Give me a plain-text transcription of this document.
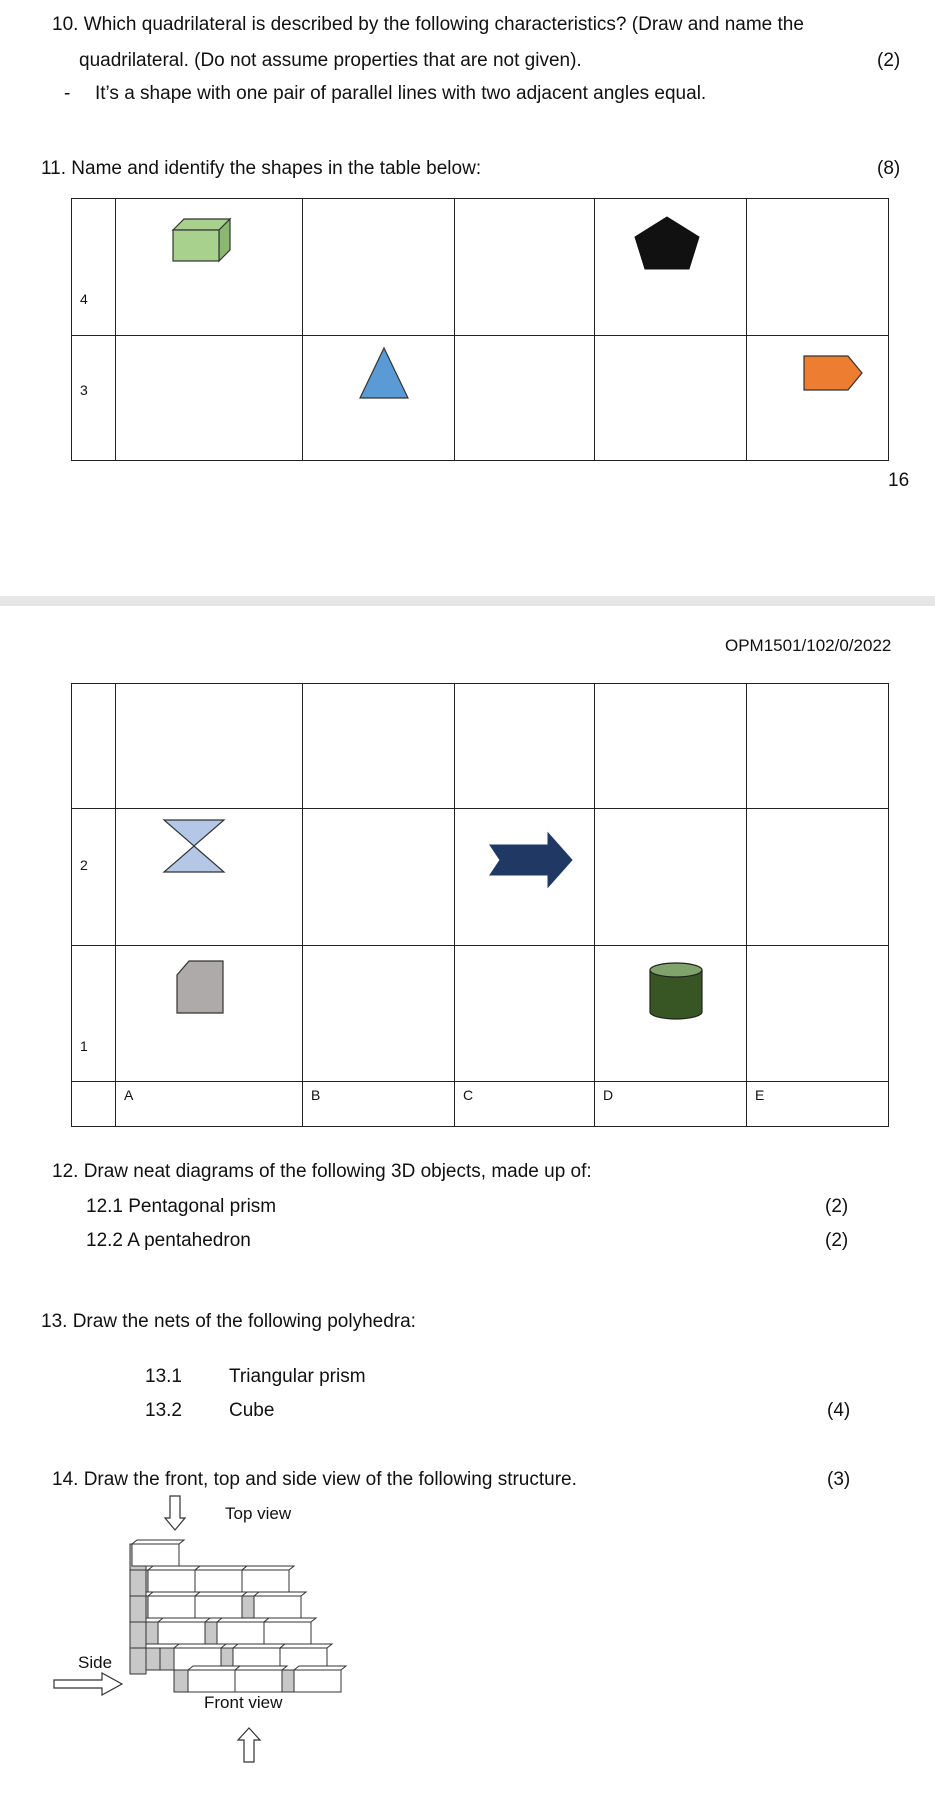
10. Which quadrilateral is described by the following characteristics? (Draw and name the
quadrilateral. (Do not assume properties that are not given).	(2)
- It’s a shape with one pair of parallel lines with two adjacent angles equal.
11. Name and identify the shapes in the table below:	(8)
4

3

16
OPM1501/102/0/2022

2

1

	A	B	C	D	E
12. Draw neat diagrams of the following 3D objects, made up of:
12.1 Pentagonal prism	(2)
12.2 A pentahedron	(2)
13. Draw the nets of the following polyhedra:
13.1 Triangular prism
13.2 Cube	(4)
14. Draw the front, top and side view of the following structure.	(3)
Top view
Side
Front view
